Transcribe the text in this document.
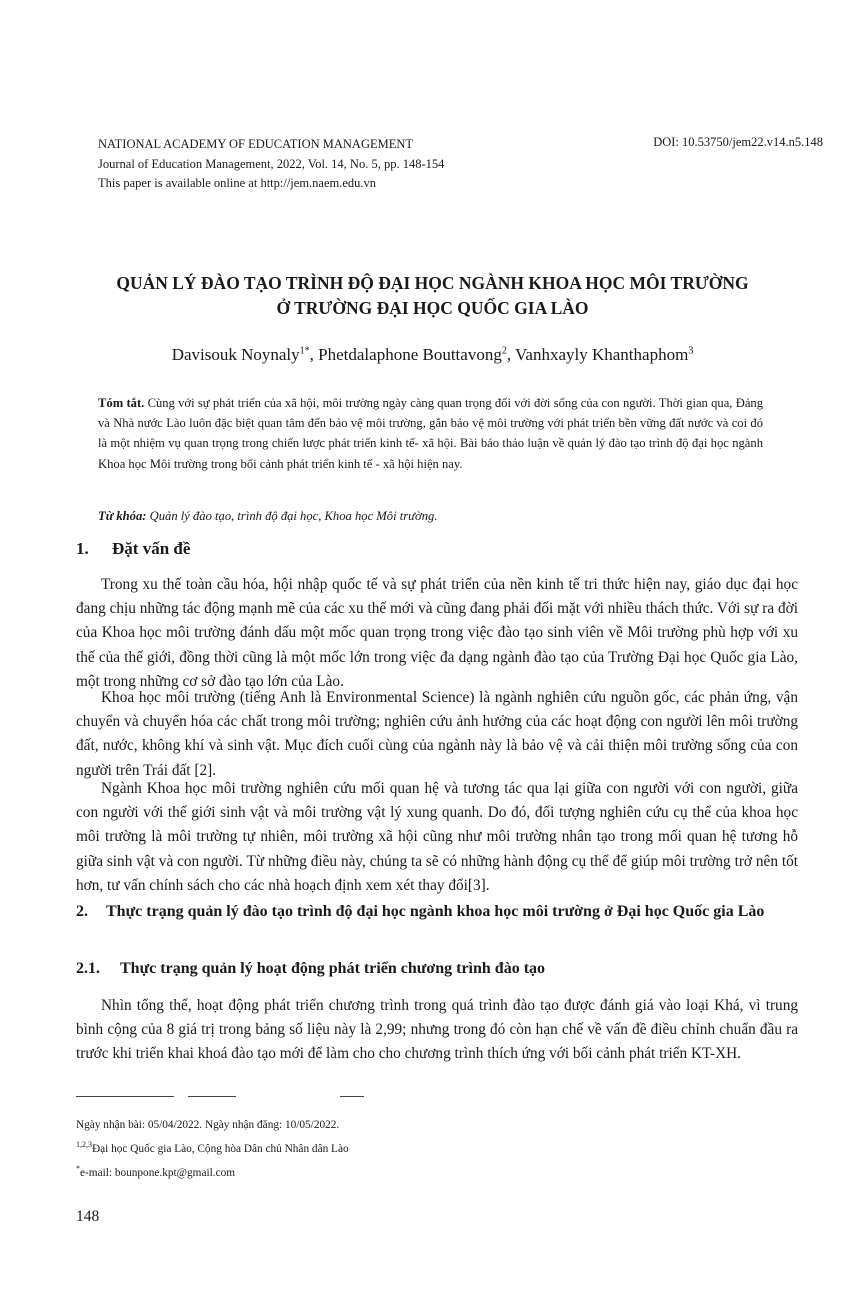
NATIONAL ACADEMY OF EDUCATION MANAGEMENT
Journal of Education Management, 2022, Vol. 14, No. 5, pp. 148-154
This paper is available online at http://jem.naem.edu.vn
DOI: 10.53750/jem22.v14.n5.148
QUẢN LÝ ĐÀO TẠO TRÌNH ĐỘ ĐẠI HỌC NGÀNH KHOA HỌC MÔI TRƯỜNG
Ở TRƯỜNG ĐẠI HỌC QUỐC GIA LÀO
Davisouk Noynaly$^{1*}$, Phetdalaphone Bouttavong$^2$, Vanhxayly Khanthaphom$^3$
Tóm tắt. Cùng với sự phát triển của xã hội, môi trường ngày càng quan trọng đối với đời sống của con người. Thời gian qua, Đảng và Nhà nước Lào luôn đặc biệt quan tâm đến bảo vệ môi trường, gắn bảo vệ môi trường với phát triển bền vững đất nước và coi đó là một nhiệm vụ quan trọng trong chiến lược phát triển kinh tế- xã hội. Bài báo thảo luận về quản lý đào tạo trình độ đại học ngành Khoa học Môi trường trong bối cảnh phát triển kinh tế - xã hội hiện nay.
Từ khóa: Quản lý đào tạo, trình độ đại học, Khoa học Môi trường.
1. Đặt vấn đề
Trong xu thế toàn cầu hóa, hội nhập quốc tế và sự phát triển của nền kinh tế tri thức hiện nay, giáo dục đại học đang chịu những tác động mạnh mẽ của các xu thế mới và cũng đang phải đối mặt với nhiều thách thức. Với sự ra đời của Khoa học môi trường đánh dấu một mốc quan trọng trong việc đào tạo sinh viên về Môi trường phù hợp với xu thế của thế giới, đồng thời cũng là một mốc lớn trong việc đa dạng ngành đào tạo của Trường Đại học Quốc gia Lào, một trong những cơ sở đào tạo lớn của Lào.
Khoa học môi trường (tiếng Anh là Environmental Science) là ngành nghiên cứu nguồn gốc, các phản ứng, vận chuyển và chuyển hóa các chất trong môi trường; nghiên cứu ảnh hưởng của các hoạt động con người lên môi trường đất, nước, không khí và sinh vật. Mục đích cuối cùng của ngành này là bảo vệ và cải thiện môi trường sống của con người trên Trái đất [2].
Ngành Khoa học môi trường nghiên cứu mối quan hệ và tương tác qua lại giữa con người với con người, giữa con người với thế giới sinh vật và môi trường vật lý xung quanh. Do đó, đối tượng nghiên cứu cụ thể của khoa học môi trường là môi trường tự nhiên, môi trường xã hội cũng như môi trường nhân tạo trong mối quan hệ tương hỗ giữa sinh vật và con người. Từ những điều này, chúng ta sẽ có những hành động cụ thể để giúp môi trường trở nên tốt hơn, tư vấn chính sách cho các nhà hoạch định xem xét thay đổi[3].
2. Thực trạng quản lý đào tạo trình độ đại học ngành khoa học môi trường ở Đại học Quốc gia Lào
2.1. Thực trạng quản lý hoạt động phát triển chương trình đào tạo
Nhìn tổng thể, hoạt động phát triển chương trình trong quá trình đào tạo được đánh giá vào loại Khá, vì trung bình cộng của 8 giá trị trong bảng số liệu này là 2,99; nhưng trong đó còn hạn chế về vấn đề điều chỉnh chuẩn đầu ra trước khi triển khai khoá đào tạo mới để làm cho cho chương trình thích ứng với bối cảnh phát triển KT-XH.
Ngày nhận bài: 05/04/2022. Ngày nhận đăng: 10/05/2022.
$^{1,2,3}$Đại học Quốc gia Lào, Cộng hòa Dân chủ Nhân dân Lào
*e-mail: bounpone.kpt@gmail.com
148
